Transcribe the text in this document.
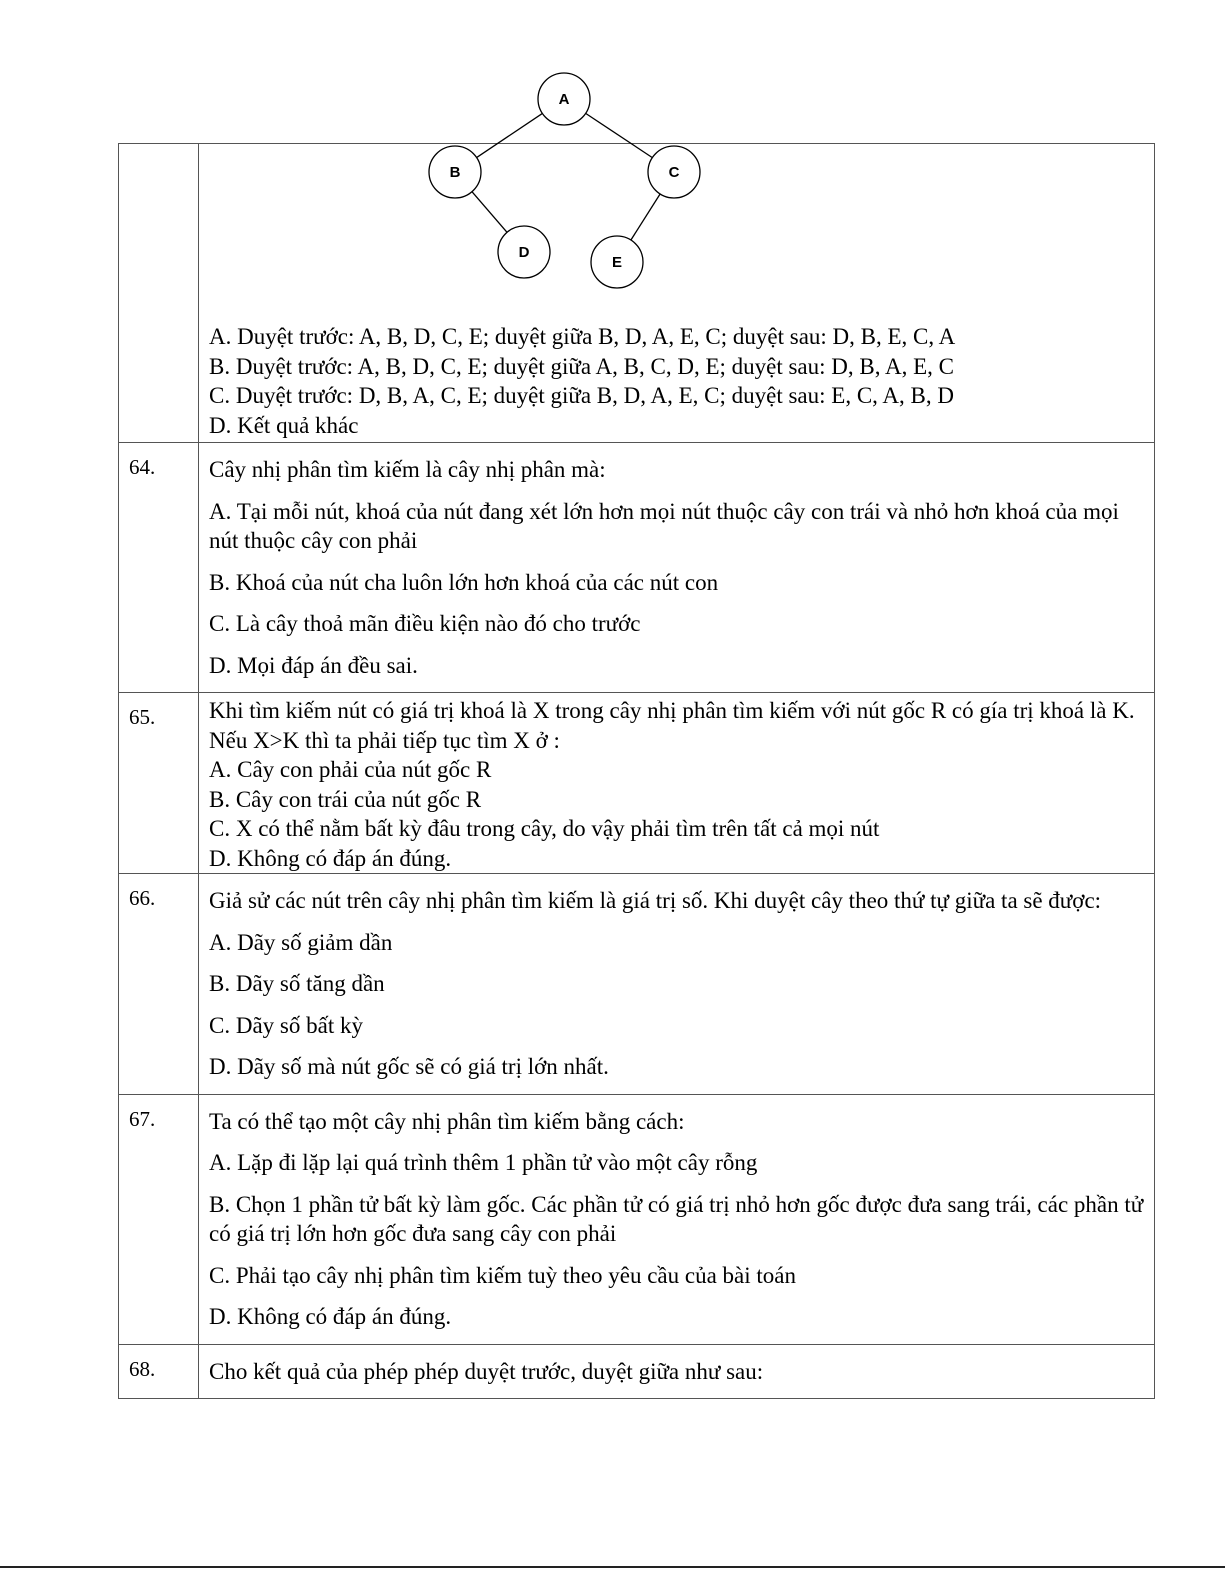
	A. Duyệt trước: A, B, D, C, E; duyệt giữa B, D, A, E, C; duyệt sau: D, B, E, C, A
B. Duyệt trước: A, B, D, C, E; duyệt giữa A, B, C, D, E; duyệt sau: D, B, A, E, C
C. Duyệt trước: D, B, A, C, E; duyệt giữa B, D, A, E, C; duyệt sau: E, C, A, B, D
D. Kết quả khác

64.	Cây nhị phân tìm kiếm là cây nhị phân mà:
A. Tại mỗi nút, khoá của nút đang xét lớn hơn mọi nút thuộc cây con trái và nhỏ hơn khoá của mọi nút thuộc cây con phải
B. Khoá của nút cha luôn lớn hơn khoá của các nút con
C. Là cây thoả mãn điều kiện nào đó cho trước
D. Mọi đáp án đều sai.

65.	Khi tìm kiếm nút có giá trị khoá là X trong cây nhị phân tìm kiếm với nút gốc R có gía trị khoá là K. Nếu X>K thì ta phải tiếp tục tìm X ở :
A. Cây con phải của nút gốc R
B. Cây con trái của nút gốc R
C. X có thể nằm bất kỳ đâu trong cây, do vậy phải tìm trên tất cả mọi nút
D. Không có đáp án đúng.

66.	Giả sử các nút trên cây nhị phân tìm kiếm là giá trị số. Khi duyệt cây theo thứ tự giữa ta sẽ được:
A. Dãy số giảm dần
B. Dãy số tăng dần
C. Dãy số bất kỳ
D. Dãy số mà nút gốc sẽ có giá trị lớn nhất.

67.	Ta có thể tạo một cây nhị phân tìm kiếm bằng cách:
A. Lặp đi lặp lại quá trình thêm 1 phần tử vào một cây rỗng
B. Chọn 1 phần tử bất kỳ làm gốc. Các phần tử có giá trị nhỏ hơn gốc được đưa sang trái, các phần tử có giá trị lớn hơn gốc đưa sang cây con phải
C. Phải tạo cây nhị phân tìm kiếm tuỳ theo yêu cầu của bài toán
D. Không có đáp án đúng.

68.	Cho kết quả của phép phép duyệt trước, duyệt giữa như sau:
A
B	C
D
E
